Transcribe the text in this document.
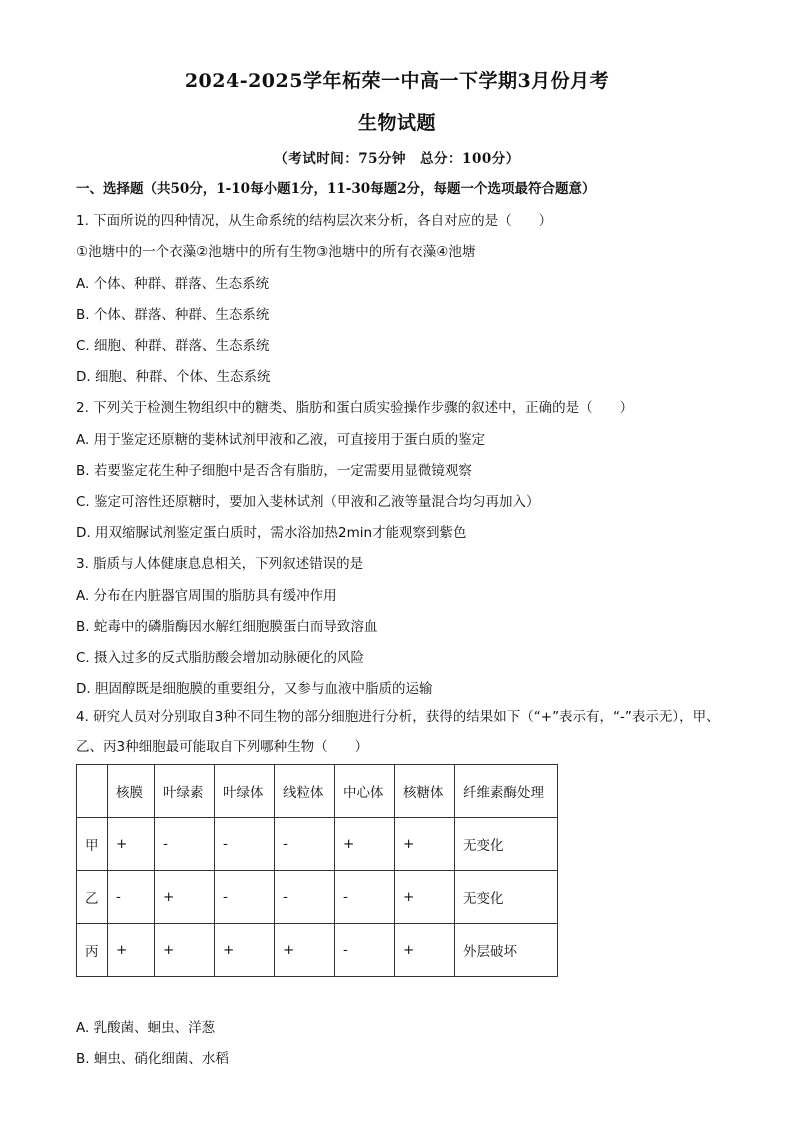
2024-2025学年柘荣一中高一下学期3月份月考
生物试题
（考试时间：75分钟　总分：100分）
一、选择题（共50分，1-10每小题1分，11-30每题2分，每题一个选项最符合题意）
1. 下面所说的四种情况，从生命系统的结构层次来分析，各自对应的是（　　）
①池塘中的一个衣藻②池塘中的所有生物③池塘中的所有衣藻④池塘
A. 个体、种群、群落、生态系统
B. 个体、群落、种群、生态系统
C. 细胞、种群、群落、生态系统
D. 细胞、种群、个体、生态系统
2. 下列关于检测生物组织中的糖类、脂肪和蛋白质实验操作步骤的叙述中，正确的是（　　）
A. 用于鉴定还原糖的斐林试剂甲液和乙液，可直接用于蛋白质的鉴定
B. 若要鉴定花生种子细胞中是否含有脂肪，一定需要用显微镜观察
C. 鉴定可溶性还原糖时，要加入斐林试剂（甲液和乙液等量混合均匀再加入）
D. 用双缩脲试剂鉴定蛋白质时，需水浴加热2min才能观察到紫色
3. 脂质与人体健康息息相关，下列叙述错误的是
A. 分布在内脏器官周围的脂肪具有缓冲作用
B. 蛇毒中的磷脂酶因水解红细胞膜蛋白而导致溶血
C. 摄入过多的反式脂肪酸会增加动脉硬化的风险
D. 胆固醇既是细胞膜的重要组分，又参与血液中脂质的运输
4. 研究人员对分别取自3种不同生物的部分细胞进行分析，获得的结果如下（“+”表示有，“-”表示无），甲、乙、丙3种细胞最可能取自下列哪种生物（　　）
	核膜	叶绿素	叶绿体	线粒体	中心体	核糖体	纤维素酶处理
甲	+	-	-	-	+	+	无变化
乙	-	+	-	-	-	+	无变化
丙	+	+	+	+	-	+	外层破坏
A. 乳酸菌、蛔虫、洋葱
B. 蛔虫、硝化细菌、水稻
